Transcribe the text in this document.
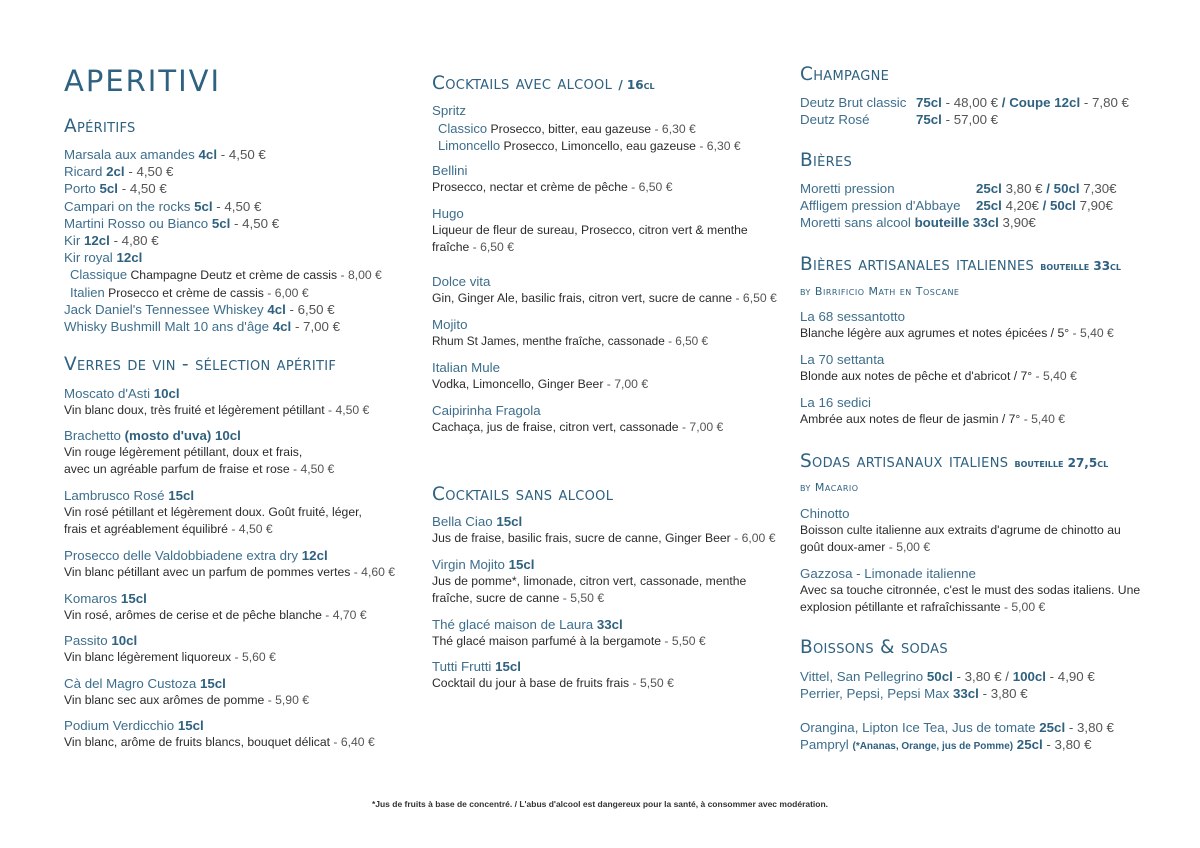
APERITIVI
Apéritifs
Marsala aux amandes 4cl - 4,50 €
Ricard 2cl - 4,50 €
Porto 5cl - 4,50 €
Campari on the rocks 5cl - 4,50 €
Martini Rosso ou Bianco 5cl - 4,50 €
Kir 12cl - 4,80 €
Kir royal 12cl
Classique Champagne Deutz et crème de cassis - 8,00 €
Italien Prosecco et crème de cassis - 6,00 €
Jack Daniel's Tennessee Whiskey 4cl - 6,50 €
Whisky Bushmill Malt 10 ans d'âge 4cl - 7,00 €
Verres de vin - sélection apéritif
Moscato d'Asti 10cl
Vin blanc doux, très fruité et légèrement pétillant - 4,50 €
Brachetto (mosto d'uva) 10cl
Vin rouge légèrement pétillant, doux et frais,
avec un agréable parfum de fraise et rose - 4,50 €
Lambrusco Rosé 15cl
Vin rosé pétillant et légèrement doux. Goût fruité, léger,
frais et agréablement équilibré - 4,50 €
Prosecco delle Valdobbiadene extra dry 12cl
Vin blanc pétillant avec un parfum de pommes vertes - 4,60 €
Komaros 15cl
Vin rosé, arômes de cerise et de pêche blanche - 4,70 €
Passito 10cl
Vin blanc légèrement liquoreux - 5,60 €
Cà del Magro Custoza 15cl
Vin blanc sec aux arômes de pomme - 5,90 €
Podium Verdicchio 15cl
Vin blanc, arôme de fruits blancs, bouquet délicat - 6,40 €
Cocktails avec alcool / 16cl
Spritz
Classico Prosecco, bitter, eau gazeuse - 6,30 €
Limoncello Prosecco, Limoncello, eau gazeuse - 6,30 €
Bellini
Prosecco, nectar et crème de pêche - 6,50 €
Hugo
Liqueur de fleur de sureau, Prosecco, citron vert & menthe
fraîche - 6,50 €
Dolce vita
Gin, Ginger Ale, basilic frais, citron vert, sucre de canne - 6,50 €
Mojito
Rhum St James, menthe fraîche, cassonade - 6,50 €
Italian Mule
Vodka, Limoncello, Ginger Beer - 7,00 €
Caipirinha Fragola
Cachaça, jus de fraise, citron vert, cassonade - 7,00 €
Cocktails sans alcool
Bella Ciao 15cl
Jus de fraise, basilic frais, sucre de canne, Ginger Beer - 6,00 €
Virgin Mojito 15cl
Jus de pomme*, limonade, citron vert, cassonade, menthe
fraîche, sucre de canne - 5,50 €
Thé glacé maison de Laura 33cl
Thé glacé maison parfumé à la bergamote - 5,50 €
Tutti Frutti 15cl
Cocktail du jour à base de fruits frais - 5,50 €
Champagne
Deutz Brut classic 75cl - 48,00 € / Coupe 12cl - 7,80 €
Deutz Rosé	75cl - 57,00 €
Bières
Moretti pression	25cl 3,80 € / 50cl 7,30€
Affligem pression d'Abbaye 25cl 4,20€ / 50cl 7,90€
Moretti sans alcool bouteille 33cl 3,90€
Bières artisanales italiennes bouteille 33cl
by Birrificio Math en Toscane
La 68 sessantotto
Blanche légère aux agrumes et notes épicées / 5° - 5,40 €
La 70 settanta
Blonde aux notes de pêche et d'abricot / 7° - 5,40 €
La 16 sedici
Ambrée aux notes de fleur de jasmin / 7° - 5,40 €
Sodas artisanaux italiens bouteille 27,5cl
by Macario
Chinotto
Boisson culte italienne aux extraits d'agrume de chinotto au
goût doux-amer - 5,00 €
Gazzosa - Limonade italienne
Avec sa touche citronnée, c'est le must des sodas italiens. Une
explosion pétillante et rafraîchissante - 5,00 €
Boissons & sodas
Vittel, San Pellegrino 50cl - 3,80 € / 100cl - 4,90 €
Perrier, Pepsi, Pepsi Max 33cl - 3,80 €
Orangina, Lipton Ice Tea, Jus de tomate 25cl - 3,80 €
Pampryl (*Ananas, Orange, jus de Pomme) 25cl - 3,80 €
*Jus de fruits à base de concentré. / L'abus d'alcool est dangereux pour la santé, à consommer avec modération.
